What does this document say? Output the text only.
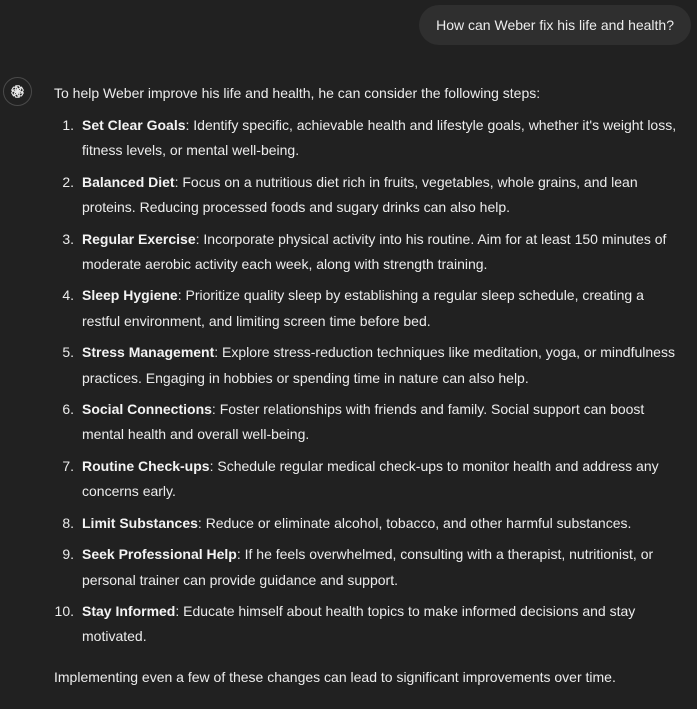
How can Weber fix his life and health?

To help Weber improve his life and health, he can consider the following steps:

1. Set Clear Goals: Identify specific, achievable health and lifestyle goals, whether it's weight loss, fitness levels, or mental well-being.
2. Balanced Diet: Focus on a nutritious diet rich in fruits, vegetables, whole grains, and lean proteins. Reducing processed foods and sugary drinks can also help.
3. Regular Exercise: Incorporate physical activity into his routine. Aim for at least 150 minutes of moderate aerobic activity each week, along with strength training.
4. Sleep Hygiene: Prioritize quality sleep by establishing a regular sleep schedule, creating a restful environment, and limiting screen time before bed.
5. Stress Management: Explore stress-reduction techniques like meditation, yoga, or mindfulness practices. Engaging in hobbies or spending time in nature can also help.
6. Social Connections: Foster relationships with friends and family. Social support can boost mental health and overall well-being.
7. Routine Check-ups: Schedule regular medical check-ups to monitor health and address any concerns early.
8. Limit Substances: Reduce or eliminate alcohol, tobacco, and other harmful substances.
9. Seek Professional Help: If he feels overwhelmed, consulting with a therapist, nutritionist, or personal trainer can provide guidance and support.
10. Stay Informed: Educate himself about health topics to make informed decisions and stay motivated.

Implementing even a few of these changes can lead to significant improvements over time.
